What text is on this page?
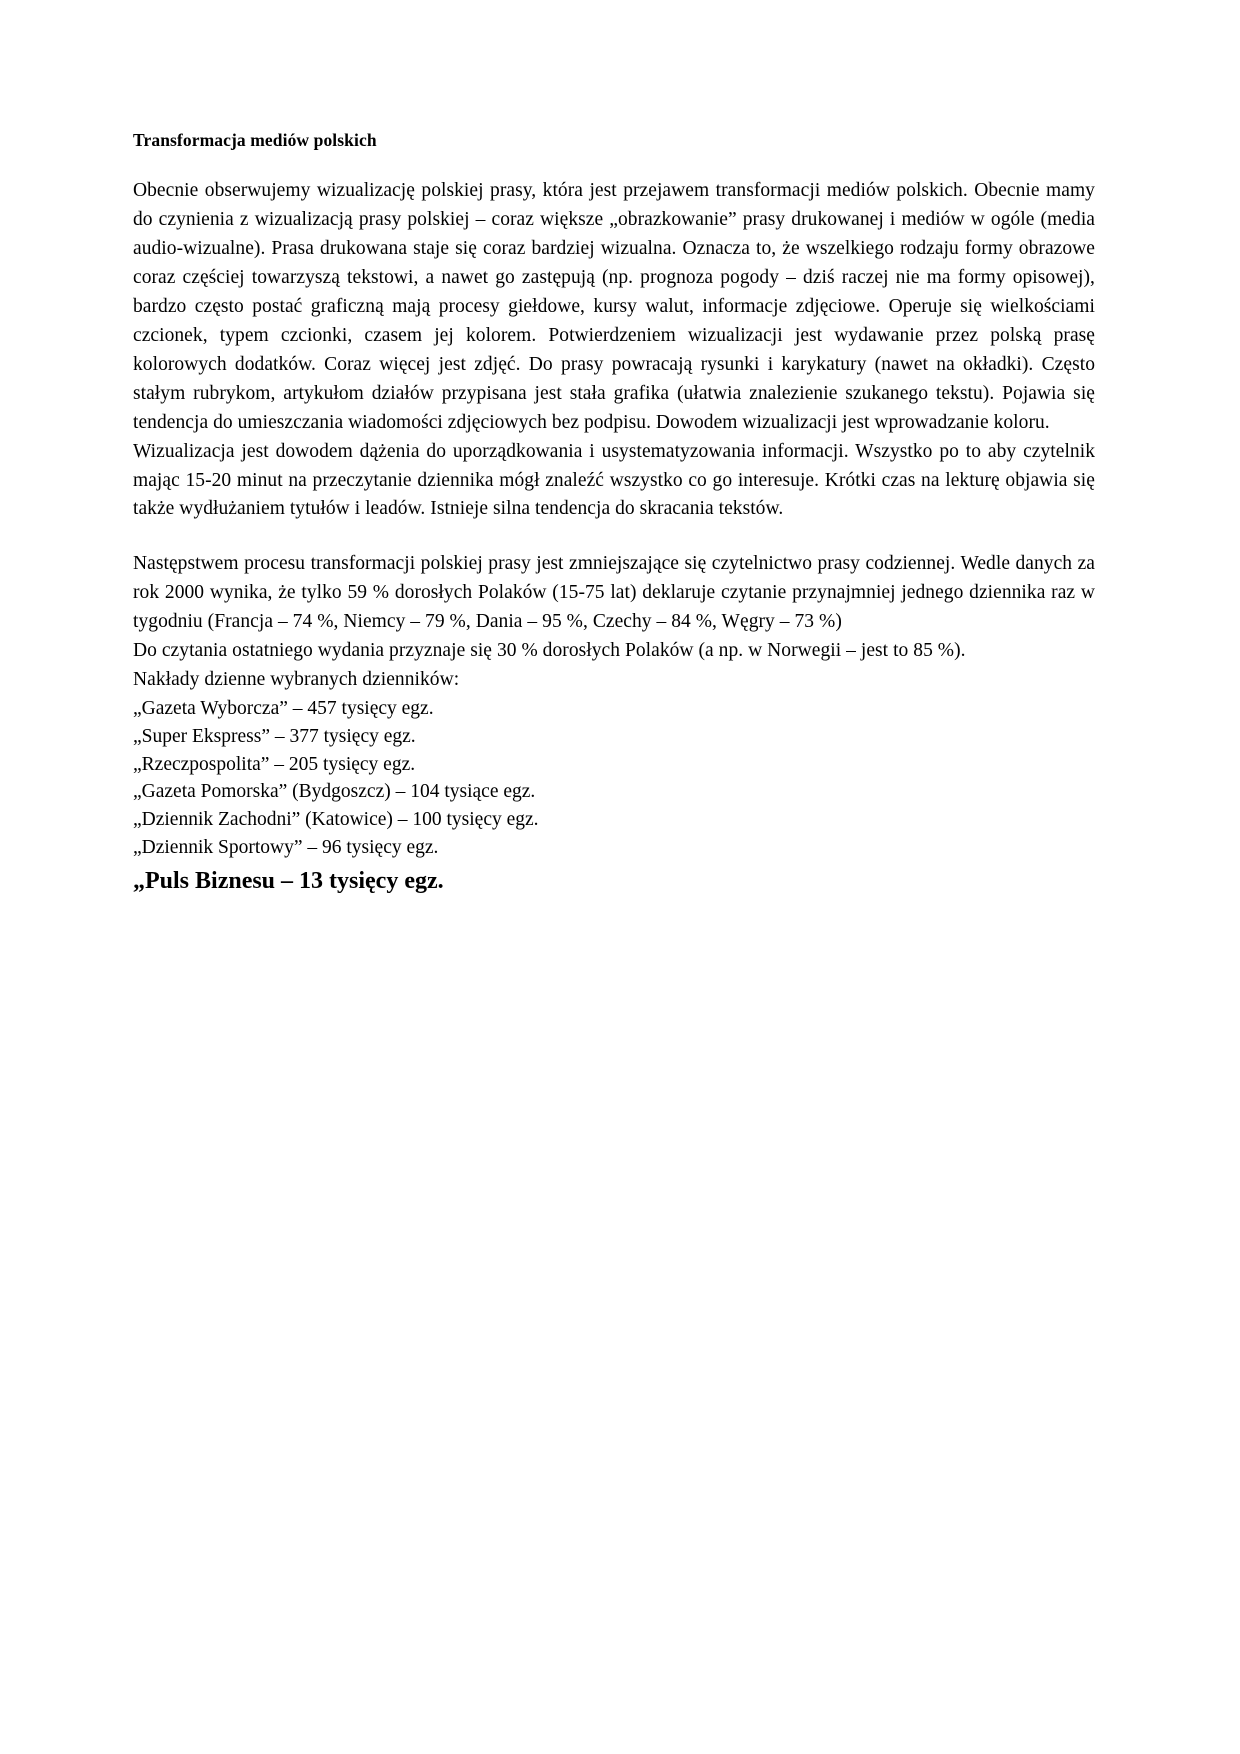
Transformacja mediów polskich

Obecnie obserwujemy wizualizację polskiej prasy, która jest przejawem transformacji mediów polskich. Obecnie mamy do czynienia z wizualizacją prasy polskiej – coraz większe „obrazkowanie” prasy drukowanej i mediów w ogóle (media audio-wizualne). Prasa drukowana staje się coraz bardziej wizualna. Oznacza to, że wszelkiego rodzaju formy obrazowe coraz częściej towarzyszą tekstowi, a nawet go zastępują (np. prognoza pogody – dziś raczej nie ma formy opisowej), bardzo często postać graficzną mają procesy giełdowe, kursy walut, informacje zdjęciowe. Operuje się wielkościami czcionek, typem czcionki, czasem jej kolorem. Potwierdzeniem wizualizacji jest wydawanie przez polską prasę kolorowych dodatków. Coraz więcej jest zdjęć. Do prasy powracają rysunki i karykatury (nawet na okładki). Często stałym rubrykom, artykułom działów przypisana jest stała grafika (ułatwia znalezienie szukanego tekstu). Pojawia się tendencja do umieszczania wiadomości zdjęciowych bez podpisu. Dowodem wizualizacji jest wprowadzanie koloru.

Wizualizacja jest dowodem dążenia do uporządkowania i usystematyzowania informacji. Wszystko po to aby czytelnik mając 15-20 minut na przeczytanie dziennika mógł znaleźć wszystko co go interesuje. Krótki czas na lekturę objawia się także wydłużaniem tytułów i leadów. Istnieje silna tendencja do skracania tekstów.

Następstwem procesu transformacji polskiej prasy jest zmniejszające się czytelnictwo prasy codziennej. Wedle danych za rok 2000 wynika, że tylko 59 % dorosłych Polaków (15-75 lat) deklaruje czytanie przynajmniej jednego dziennika raz w tygodniu (Francja – 74 %, Niemcy – 79 %, Dania – 95 %, Czechy – 84 %, Węgry – 73 %)

Do czytania ostatniego wydania przyznaje się 30 % dorosłych Polaków (a np. w Norwegii – jest to 85 %).

Nakłady dzienne wybranych dzienników:

„Gazeta Wyborcza” – 457 tysięcy egz.

„Super Ekspress” – 377 tysięcy egz.

„Rzeczpospolita” – 205 tysięcy egz.

„Gazeta Pomorska” (Bydgoszcz) – 104 tysiące egz.

„Dziennik Zachodni” (Katowice) – 100 tysięcy egz.

„Dziennik Sportowy” – 96 tysięcy egz.

„Puls Biznesu – 13 tysięcy egz.
